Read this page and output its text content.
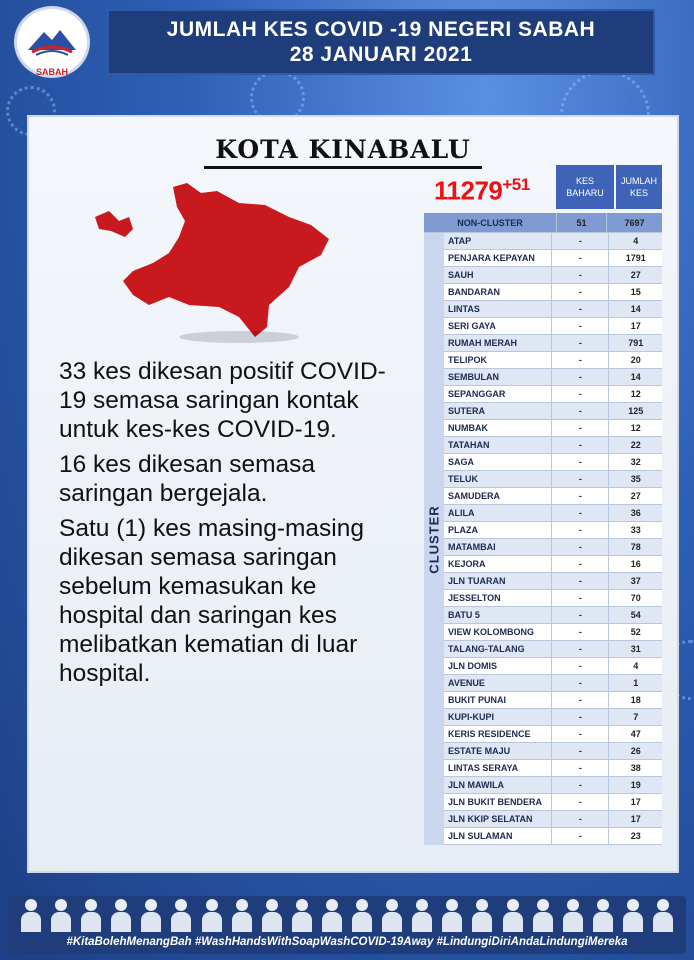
SABAH
JUMLAH KES COVID -19 NEGERI SABAH
28 JANUARI 2021
KOTA KINABALU

33 kes dikesan positif COVID-19 semasa saringan kontak untuk kes-kes COVID-19.

16 kes dikesan semasa saringan bergejala.

Satu (1) kes masing-masing dikesan semasa saringan sebelum kemasukan ke hospital dan saringan kes melibatkan kematian di luar hospital.

$11279^{+51}$	KES BAHARU
JUMLAH KES
NON-CLUSTER	51	7697
CLUSTER
ATAP	-	4
PENJARA KEPAYAN	-	1791
SAUH	-	27
BANDARAN	-	15
LINTAS	-	14
SERI GAYA	-	17
RUMAH MERAH	-	791
TELIPOK	-	20
SEMBULAN	-	14
SEPANGGAR	-	12
SUTERA	-	125
NUMBAK	-	12
TATAHAN	-	22
SAGA	-	32
TELUK	-	35
SAMUDERA	-	27
ALILA	-	36
PLAZA	-	33
MATAMBAI	-	78
KEJORA	-	16
JLN TUARAN	-	37
JESSELTON	-	70
BATU 5	-	54
VIEW KOLOMBONG	-	52
TALANG-TALANG	-	31
JLN DOMIS	-	4
AVENUE	-	1
BUKIT PUNAI	-	18
KUPI-KUPI	-	7
KERIS RESIDENCE	-	47
ESTATE MAJU	-	26
LINTAS SERAYA	-	38
JLN MAWILA	-	19
JLN BUKIT BENDERA	-	17
JLN KKIP SELATAN	-	17
JLN SULAMAN	-	23
#KitaBolehMenangBah #WashHandsWithSoapWashCOVID-19Away #LindungiDiriAndaLindungiMereka
